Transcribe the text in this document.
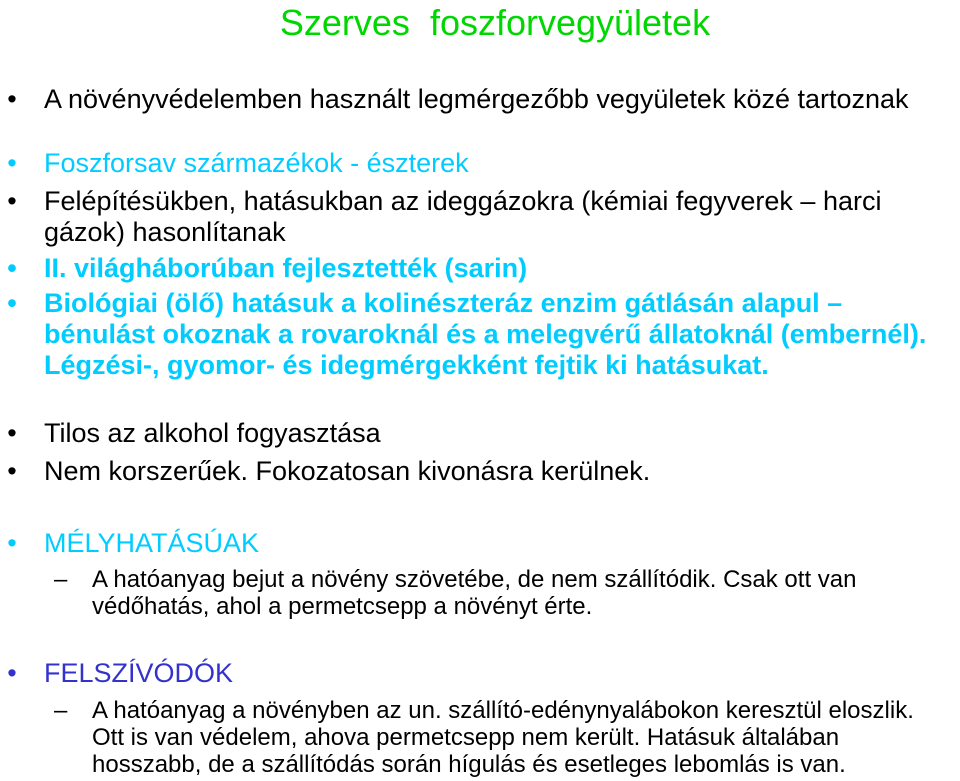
Szerves  foszforvegyületek
• A növényvédelemben használt legmérgezőbb vegyületek közé tartoznak
• Foszforsav származékok - észterek
• Felépítésükben, hatásukban az ideggázokra (kémiai fegyverek – harci gázok) hasonlítanak
• II. világháborúban fejlesztették (sarin)
• Biológiai (ölő) hatásuk a kolinészteráz enzim gátlásán alapul – bénulást okoznak a rovaroknál és a melegvérű állatoknál (embernél). Légzési-, gyomor- és idegmérgekként fejtik ki hatásukat.
• Tilos az alkohol fogyasztása
• Nem korszerűek. Fokozatosan kivonásra kerülnek.
• MÉLYHATÁSÚAK
– A hatóanyag bejut a növény szövetébe, de nem szállítódik. Csak ott van védőhatás, ahol a permetcsepp a növényt érte.
• FELSZÍVÓDÓK
– A hatóanyag a növényben az un. szállító-edénynyalábokon keresztül eloszlik. Ott is van védelem, ahova permetcsepp nem került. Hatásuk általában hosszabb, de a szállítódás során hígulás és esetleges lebomlás is van.
